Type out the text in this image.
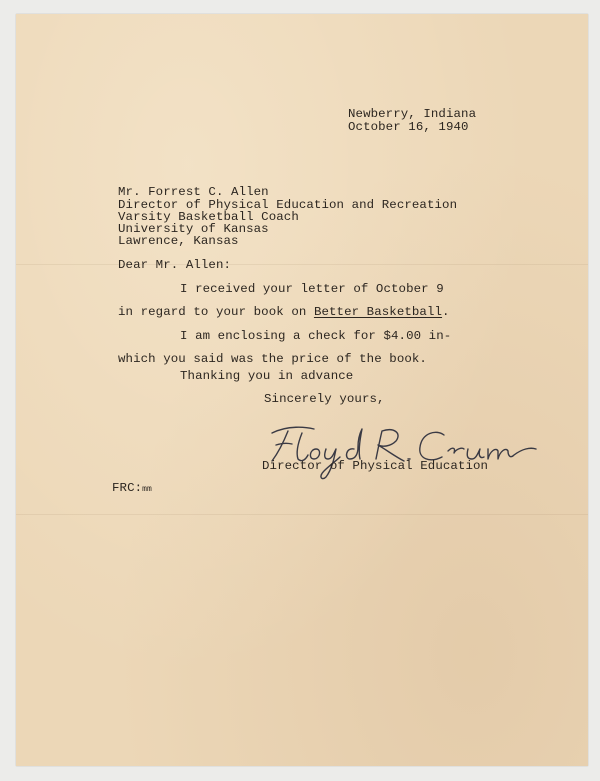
Newberry, Indiana

October 16, 1940

Mr. Forrest C. Allen

Director of Physical Education and Recreation

Varsity Basketball Coach

University of Kansas

Lawrence, Kansas

Dear Mr. Allen:

I received your letter of October 9

in regard to your book on Better Basketball.

I am enclosing a check for $4.00 in-

which you said was the price of the book.

Thanking you in advance

Sincerely yours,

Director of Physical Education

FRC:mm
